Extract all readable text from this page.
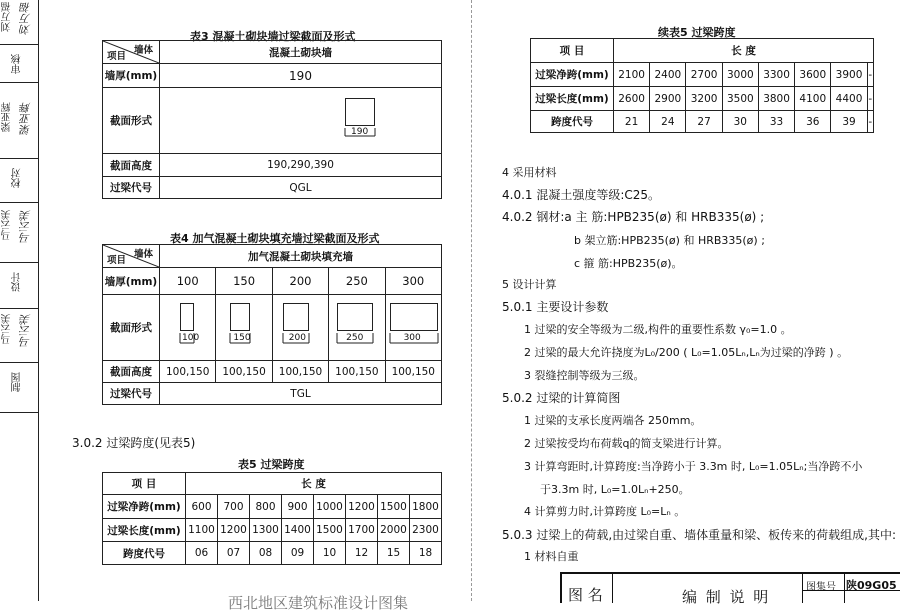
刘万福 刘万福
审核
梁亚辉 梁亚辉
校对
马云美 马云美
设计
马云美 马云美
制图
表3 混凝土砌块墙过梁截面及形式
墙体
项目	混凝土砌块墙
墙厚(mm)	190
截面形式	190

截面高度	190,290,390
过梁代号	QGL
表4 加气混凝土砌块填充墙过梁截面及形式
墙体
项目	加气混凝土砌块填充墙				
墙厚(mm)	100	150	200	250	300
截面形式	100	150	200	250	300

截面高度	100,150	100,150	100,150	100,150	100,150
过梁代号	TGL				
3.0.2 过梁跨度(见表5)
表5 过梁跨度
项 目	长 度							
过梁净跨(mm)	600	700	800	900	1000	1200	1500	1800
过梁长度(mm)	1100	1200	1300	1400	1500	1700	2000	2300
跨度代号	06	07	08	09	10	12	15	18
西北地区建筑标准设计图集
续表5 过梁跨度
项 目	长 度							
过梁净跨(mm)	2100	2400	2700	3000	3300	3600	3900	-
过梁长度(mm)	2600	2900	3200	3500	3800	4100	4400	-
跨度代号	21	24	27	30	33	36	39	-
4 采用材料
4.0.1 混凝土强度等级:C25。
4.0.2 钢材:a 主 筋:HPB235(ø) 和 HRB335(ø) ;
b 架立筋:HPB235(ø) 和 HRB335(ø) ;
c 箍 筋:HPB235(ø)。
5 设计计算
5.0.1 主要设计参数
1 过梁的安全等级为二级,构件的重要性系数 γ₀=1.0 。
2 过梁的最大允许挠度为L₀/200 ( L₀=1.05Lₙ,Lₙ为过梁的净跨 ) 。
3 裂缝控制等级为三级。
5.0.2 过梁的计算简图
1 过梁的支承长度两端各 250mm。
2 过梁按受均布荷载q的简支梁进行计算。
3 计算弯距时,计算跨度:当净跨小于 3.3m 时, L₀=1.05Lₙ;当净跨不小
于3.3m 时, L₀=1.0Lₙ+250。
4 计算剪力时,计算跨度 L₀=Lₙ 。
5.0.3 过梁上的荷载,由过梁自重、墙体重量和梁、板传来的荷载组成,其中:
1 材料自重
图 名	编 制 说 明
图集号 陕09G05
